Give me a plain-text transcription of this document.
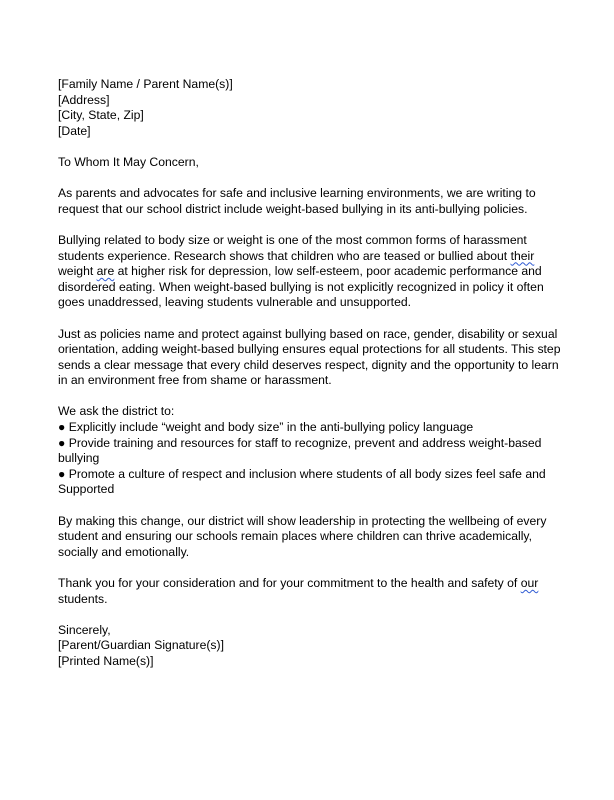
[Family Name / Parent Name(s)]
[Address]
[City, State, Zip]
[Date]
To Whom It May Concern,
As parents and advocates for safe and inclusive learning environments, we are writing to
request that our school district include weight-based bullying in its anti-bullying policies.
Bullying related to body size or weight is one of the most common forms of harassment
students experience. Research shows that children who are teased or bullied about their
weight are at higher risk for depression, low self-esteem, poor academic performance and
disordered eating. When weight-based bullying is not explicitly recognized in policy it often
goes unaddressed, leaving students vulnerable and unsupported.
Just as policies name and protect against bullying based on race, gender, disability or sexual
orientation, adding weight-based bullying ensures equal protections for all students. This step
sends a clear message that every child deserves respect, dignity and the opportunity to learn
in an environment free from shame or harassment.
We ask the district to:
● Explicitly include “weight and body size” in the anti-bullying policy language
● Provide training and resources for staff to recognize, prevent and address weight-based
bullying
● Promote a culture of respect and inclusion where students of all body sizes feel safe and
Supported
By making this change, our district will show leadership in protecting the wellbeing of every
student and ensuring our schools remain places where children can thrive academically,
socially and emotionally.
Thank you for your consideration and for your commitment to the health and safety of our
students.
Sincerely,
[Parent/Guardian Signature(s)]
[Printed Name(s)]
